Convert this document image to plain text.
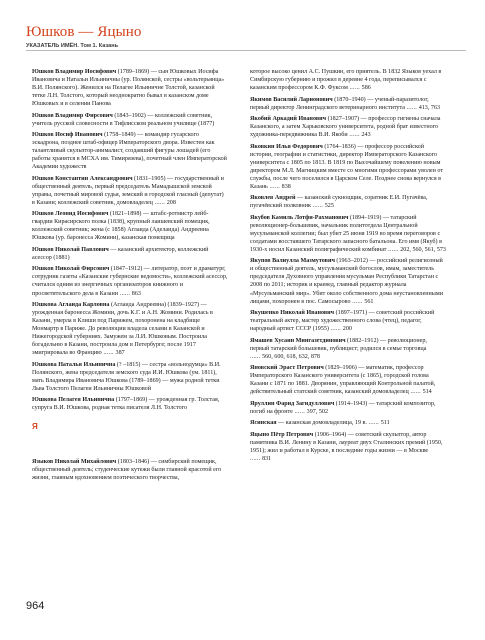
Юшков — Яцыно
УКАЗАТЕЛЬ ИМЁН. Том 1. Казань
Юшков Владимир Иосифович (1789–1869) — сын Юшковых Иосифа Ивановича и Натальи Ильиничны (ур. Полянской, сестры «вольтерьянца» В.И. Полянского). Женился на Пелагее Ильиничне Толстой, казанской тетке Л.Н. Толстого, который неоднократно бывал в казанском доме Юшковых и в селении Панова
Юшков Владимир Фирсович (1843–1902) — коллежский советник, учитель русской словесности в Тифлисском реальном училище (1877)
Юшков Иосиф Иванович (1758–1849) — командир гусарского эскадрона, позднее штаб-офицер Императорского двора. Известен как талантливый скульптор-анималист, создавший фигуры лошадей (его работы хранятся в МСХА им. Тимирязева), почетный член Императорской Академии художеств
Юшков Константин Александрович (1831–1905) — государственный и общественный деятель, первый председатель Мамадышской земской управы, почетный мировой судья, земский и городской гласный (депутат) в Казани; коллежский советник, домовладелец ...... 208
Юшков Леонид Иосифович (1821–1898) — штабс-ротмистр лейб-гвардии Кирасирского полка (1838), крупный лаишевский помещик, коллежский советник; жена (с 1858) Аглаида (Аделаида) Андреевна Юшкова (ур. баронесса Жомини), казанская помещица
Юшков Николай Павлович — казанский архитектор, коллежский асессор (1881)
Юшков Николай Фирсович (1847–1912) — литератор, поэт и драматург, сотрудник газеты «Казанские губернские ведомости», коллежский асессор, считался одним из энергичных организаторов книжного и просветительского дела в Казани ...... 863
Юшкова Аглаида Карловна (Аглаида Андреевна) (1839–1927) — урожденная баронесса Жомини, дочь К.Г. и А.Н. Жомини. Родилась в Казани, умерла в Клиши под Парижем, похоронена на кладбище Монмартр в Париже. До революции владела селами в Казанской и Нижегородской губерниях. Замужем за Л.И. Юшковым. Построила богадельню в Казани, построила дом в Петербурге; после 1917 эмигрировала во Францию ...... 387
Юшкова Наталья Ильинична (? –1815) — сестра «вольнодумца» В.И. Полянского, жена председателя земского суда И.И. Юшкова (ум. 1811), мать Владимира Ивановича Юшкова (1789–1869) — мужа родной тетки Льва Толстого Пелагеи Ильиничны Юшковой
Юшкова Пелагея Ильинична (1797–1869) — урожденная гр. Толстая, супруга В.И. Юшкова, родная тетка писателя Л.Н. Толстого
Я
Языков Николай Михайлович (1803–1846) — симбирский помещик, общественный деятель; студенческие кутежи были главной красотой его жизни, главным вдохновением поэтического творчества,
которое высоко ценил А.С. Пушкин, его приятель. В 1832 Языков уехал в Симбирскую губернию и прожил в деревне 4 года, переписывался с казанским профессором К.Ф. Фуксом ...... 586
Якимов Василий Ларионович (1870–1940) — ученый-паразитолог, первый директор Ленинградского ветеринарного института ...... 413, 763
Якобий Аркадий Иванович (1827–1907) — профессор гигиены сначала Казанского, а затем Харьковского университета, родной брат известного художника-передвижника В.И. Якоби ...... 243
Яковкин Илья Федорович (1764–1836) — профессор российской истории, географии и статистики, директор Императорского Казанского университета с 1805 по 1813. В 1819 по Высочайшему повелению новым директором М.Л. Магницким вместе со многими профессорами уволен от службы, после чего поселился в Царском Селе. Позднее снова вернулся в Казань ...... 838
Яковлев Андрей — казанский сукноцщик, соратник Е.И. Пугачёва, пугачёвский полковник ...... 525
Якубов Камиль Лотфи-Рахманович (1894–1919) — татарский революционер-большевик, начальник политотдела Центральной мусульманской коллегии; был убит 25 июня 1919 во время переговоров с солдатами восставшего Татарского запасного батальона. Его имя (Якуб) в 1930-х носил Казанский полиграфический комбинат ...... 202, 560, 561, 573
Якупов Валиулла Мазмутович (1963–2012) — российский религиозный и общественный деятель, мусульманский богослов, имам, заместитель председателя Духовного управления мусульман Республики Татарстан с 2008 по 2011; историк и краевед, главный редактор журнала «Мусульманский мир». Убит около собственного дома неустановленными лицами, похоронен в пос. Самосырово ...... 561
Якушенко Николай Иванович (1897–1971) — советский российский театральный актер, мастер художественного слова (чтец), педагог, народный артист СССР (1955) ...... 200
Ямашев Хусаин Мингазетдинович (1882–1912) — революционер, первый татарский большевик, публицист; родился в семье торговца ...... 560, 600, 618, 632, 878
Яновский Эраст Петрович (1829–1906) — математик, профессор Императорского Казанского университета (с 1865), городской голова Казани с 1871 по 1881. Дворянин, управляющий Контрольной палатой, действительный статский советник, казанский домовладелец ...... 514
Яруллин Фарид Загидуллович (1914–1943) — татарский композитор, погиб на фронте ...... 397, 502
Ясинская — казанская домовладелица, 19 в. ...... 511
Яцыно Пётр Петрович (1906–1964) — советский скульптор, автор памятника В.И. Ленину в Казани, лауреат двух Сталинских премий (1950, 1951); жил и работал в Курске, в последние годы жизни — в Москве ...... 831
964
